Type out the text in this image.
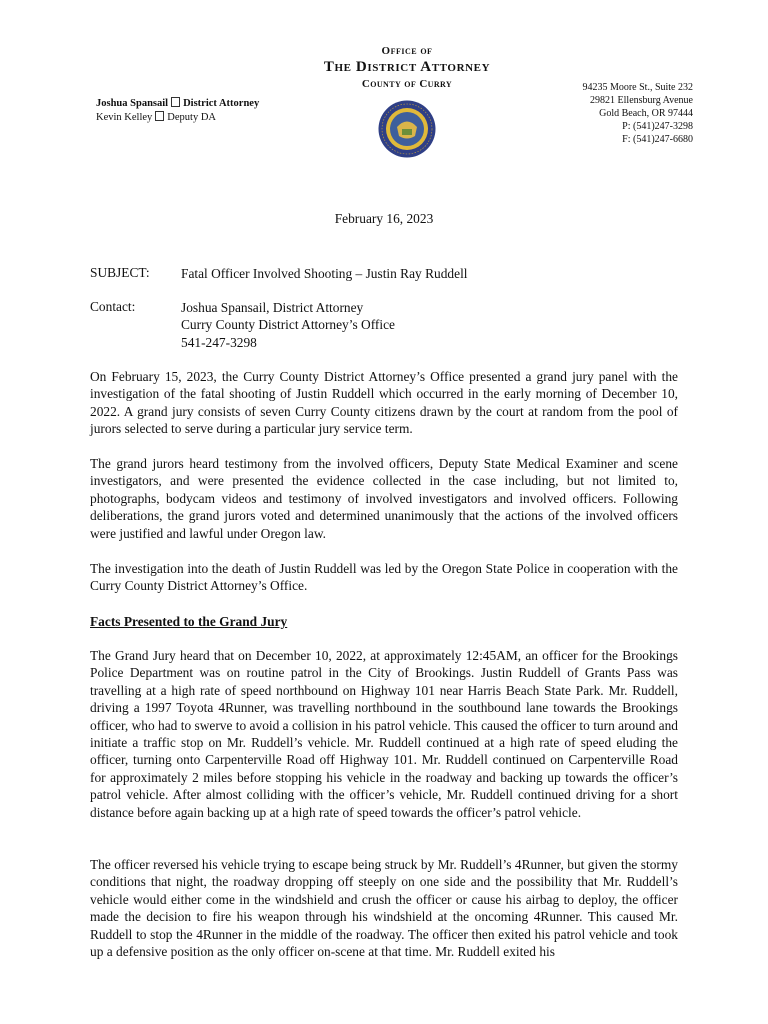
Office of
The District Attorney
County of Curry
Joshua Spansail District Attorney
Kevin Kelley Deputy DA
94235 Moore St., Suite 232
29821 Ellensburg Avenue
Gold Beach, OR 97444
P: (541)247-3298
F: (541)247-6680
February 16, 2023
SUBJECT: Fatal Officer Involved Shooting – Justin Ray Ruddell
Contact:	Joshua Spansail, District Attorney
Curry County District Attorney’s Office
541-247-3298

On February 15, 2023, the Curry County District Attorney’s Office presented a grand jury panel with the investigation of the fatal shooting of Justin Ruddell which occurred in the early morning of December 10, 2022. A grand jury consists of seven Curry County citizens drawn by the court at random from the pool of jurors selected to serve during a particular jury service term.

The grand jurors heard testimony from the involved officers, Deputy State Medical Examiner and scene investigators, and were presented the evidence collected in the case including, but not limited to, photographs, bodycam videos and testimony of involved investigators and involved officers. Following deliberations, the grand jurors voted and determined unanimously that the actions of the involved officers were justified and lawful under Oregon law.

The investigation into the death of Justin Ruddell was led by the Oregon State Police in cooperation with the Curry County District Attorney’s Office.

Facts Presented to the Grand Jury

The Grand Jury heard that on December 10, 2022, at approximately 12:45AM, an officer for the Brookings Police Department was on routine patrol in the City of Brookings. Justin Ruddell of Grants Pass was travelling at a high rate of speed northbound on Highway 101 near Harris Beach State Park. Mr. Ruddell, driving a 1997 Toyota 4Runner, was travelling northbound in the southbound lane towards the Brookings officer, who had to swerve to avoid a collision in his patrol vehicle. This caused the officer to turn around and initiate a traffic stop on Mr. Ruddell’s vehicle. Mr. Ruddell continued at a high rate of speed eluding the officer, turning onto Carpenterville Road off Highway 101. Mr. Ruddell continued on Carpenterville Road for approximately 2 miles before stopping his vehicle in the roadway and backing up towards the officer’s patrol vehicle. After almost colliding with the officer’s vehicle, Mr. Ruddell continued driving for a short distance before again backing up at a high rate of speed towards the officer’s patrol vehicle.

The officer reversed his vehicle trying to escape being struck by Mr. Ruddell’s 4Runner, but given the stormy conditions that night, the roadway dropping off steeply on one side and the possibility that Mr. Ruddell’s vehicle would either come in the windshield and crush the officer or cause his airbag to deploy, the officer made the decision to fire his weapon through his windshield at the oncoming 4Runner. This caused Mr. Ruddell to stop the 4Runner in the middle of the roadway. The officer then exited his patrol vehicle and took up a defensive position as the only officer on-scene at that time. Mr. Ruddell exited his
